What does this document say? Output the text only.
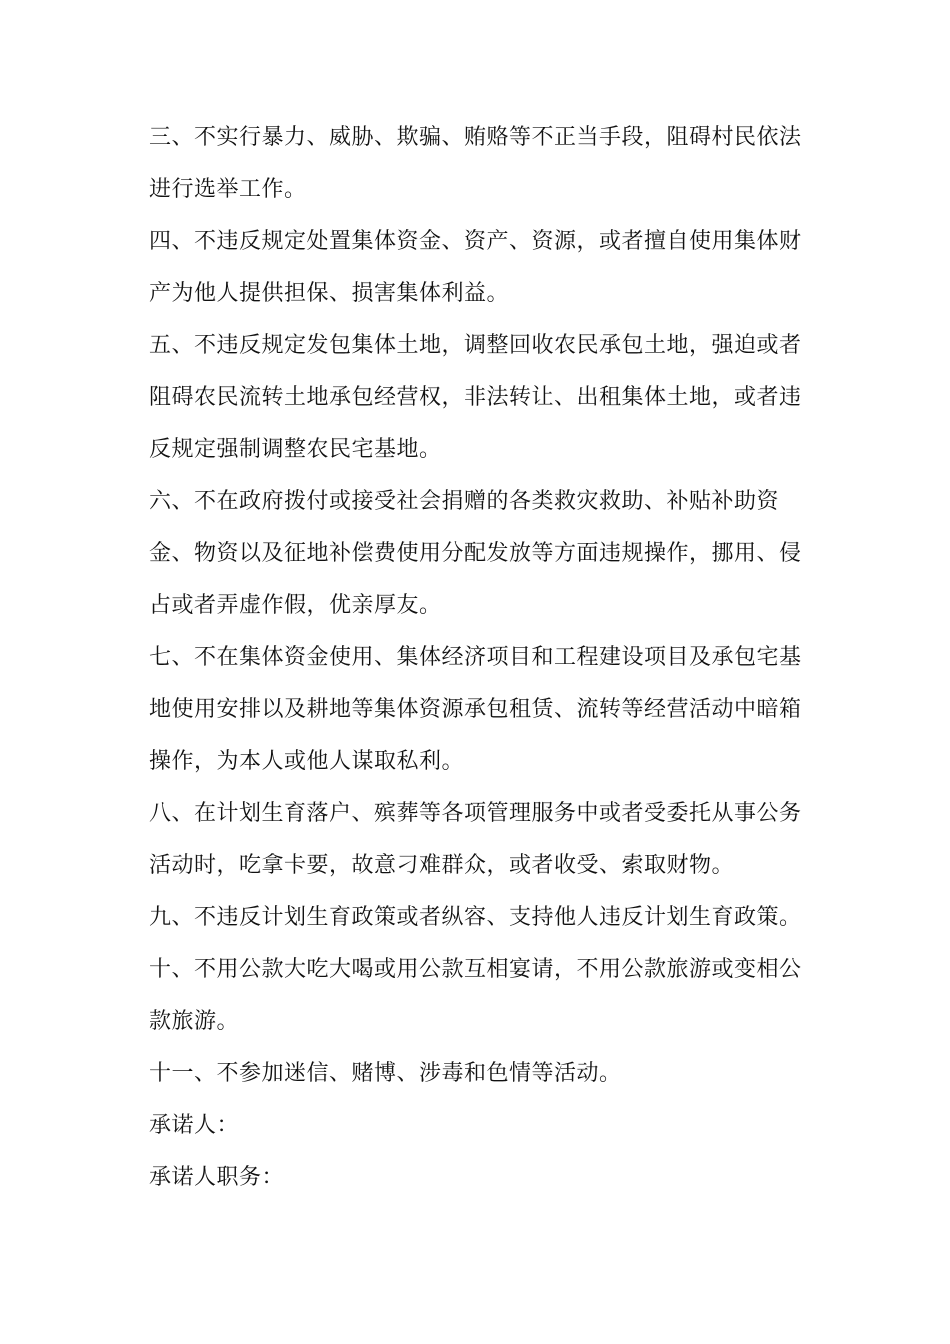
三、不实行暴力、威胁、欺骗、贿赂等不正当手段，阻碍村民依法
进行选举工作。
四、不违反规定处置集体资金、资产、资源，或者擅自使用集体财
产为他人提供担保、损害集体利益。
五、不违反规定发包集体土地，调整回收农民承包土地，强迫或者
阻碍农民流转土地承包经营权，非法转让、出租集体土地，或者违
反规定强制调整农民宅基地。
六、不在政府拨付或接受社会捐赠的各类救灾救助、补贴补助资
金、物资以及征地补偿费使用分配发放等方面违规操作，挪用、侵
占或者弄虚作假，优亲厚友。
七、不在集体资金使用、集体经济项目和工程建设项目及承包宅基
地使用安排以及耕地等集体资源承包租赁、流转等经营活动中暗箱
操作，为本人或他人谋取私利。
八、在计划生育落户、殡葬等各项管理服务中或者受委托从事公务
活动时，吃拿卡要，故意刁难群众，或者收受、索取财物。
九、不违反计划生育政策或者纵容、支持他人违反计划生育政策。
十、不用公款大吃大喝或用公款互相宴请，不用公款旅游或变相公
款旅游。
十一、不参加迷信、赌博、涉毒和色情等活动。
承诺人：
承诺人职务：
